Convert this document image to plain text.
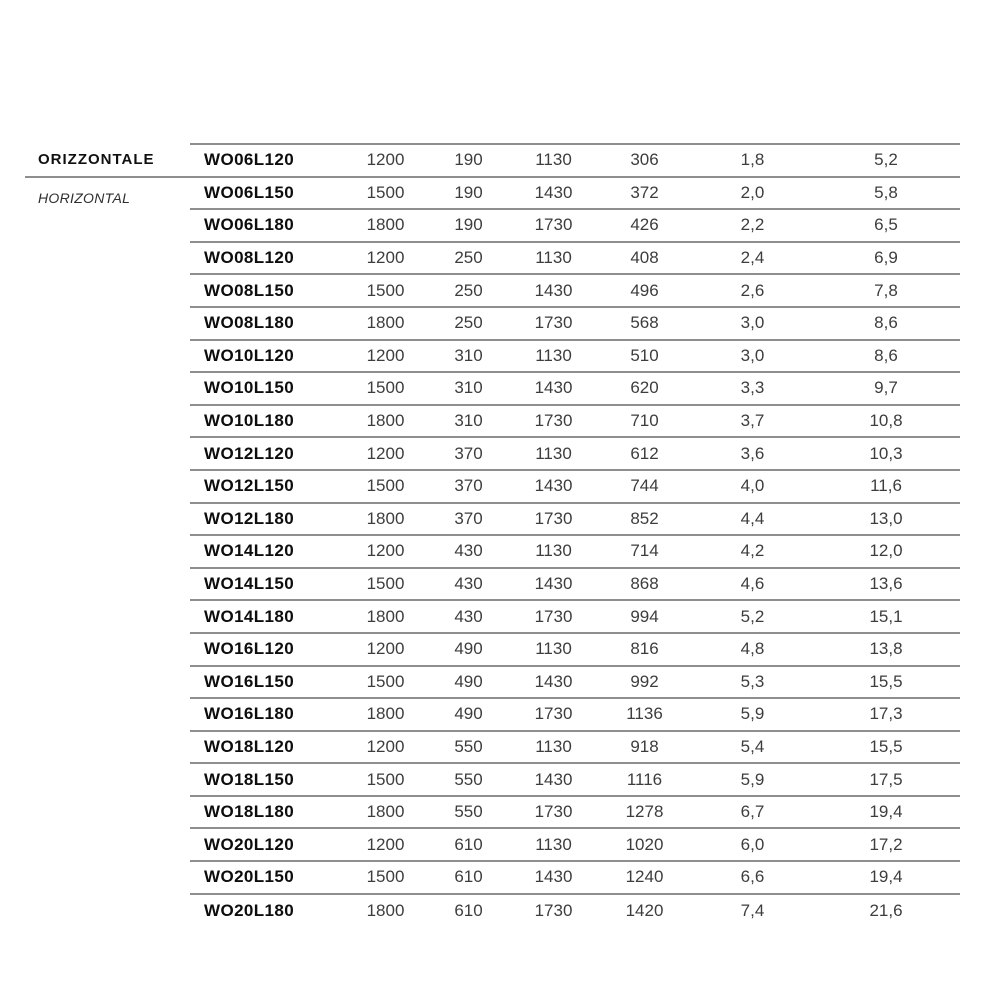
ORIZZONTALE
HORIZONTAL
WO06L120	1200	190	1130	306	1,8	5,2
WO06L150	1500	190	1430	372	2,0	5,8
WO06L180	1800	190	1730	426	2,2	6,5
WO08L120	1200	250	1130	408	2,4	6,9
WO08L150	1500	250	1430	496	2,6	7,8
WO08L180	1800	250	1730	568	3,0	8,6
WO10L120	1200	310	1130	510	3,0	8,6
WO10L150	1500	310	1430	620	3,3	9,7
WO10L180	1800	310	1730	710	3,7	10,8
WO12L120	1200	370	1130	612	3,6	10,3
WO12L150	1500	370	1430	744	4,0	11,6
WO12L180	1800	370	1730	852	4,4	13,0
WO14L120	1200	430	1130	714	4,2	12,0
WO14L150	1500	430	1430	868	4,6	13,6
WO14L180	1800	430	1730	994	5,2	15,1
WO16L120	1200	490	1130	816	4,8	13,8
WO16L150	1500	490	1430	992	5,3	15,5
WO16L180	1800	490	1730	1136	5,9	17,3
WO18L120	1200	550	1130	918	5,4	15,5
WO18L150	1500	550	1430	1116	5,9	17,5
WO18L180	1800	550	1730	1278	6,7	19,4
WO20L120	1200	610	1130	1020	6,0	17,2
WO20L150	1500	610	1430	1240	6,6	19,4
WO20L180	1800	610	1730	1420	7,4	21,6
